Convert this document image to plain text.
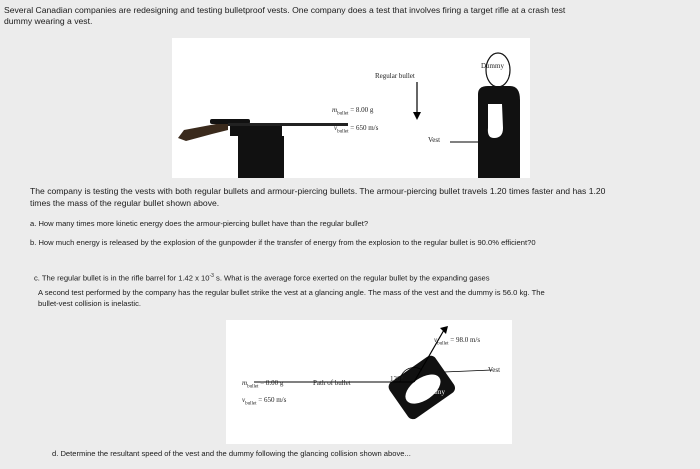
Several Canadian companies are redesigning and testing bulletproof vests. One company does a test that involves firing a target rifle at a crash test
dummy wearing a vest.
Dummy
Regular bullet
$m_{bullet} = 8.00$ g
$v_{bullet} = 650$ m/s
Vest
The company is testing the vests with both regular bullets and armour-piercing bullets. The armour-piercing bullet travels 1.20 times faster and has 1.20
times the mass of the regular bullet shown above.
a. How many times more kinetic energy does the armour-piercing bullet have than the regular bullet?
b. How much energy is released by the explosion of the gunpowder if the transfer of energy from the explosion to the regular bullet is 90.0% efficient?0
c. The regular bullet is in the rifle barrel for 1.42 x $10^{-3}$ s. What is the average force exerted on the regular bullet by the expanding gases
A second test performed by the company has the regular bullet strike the vest at a glancing angle. The mass of the vest and the dummy is 56.0 kg. The
bullet-vest collision is inelastic.
$v_{bullet} = 98.0$ m/s
Vest
120°
Dummy
Path of bullet
$m_{bullet} = 8.00$ g
$v_{bullet} = 650$ m/s
d. Determine the resultant speed of the vest and the dummy following the glancing collision shown above...
